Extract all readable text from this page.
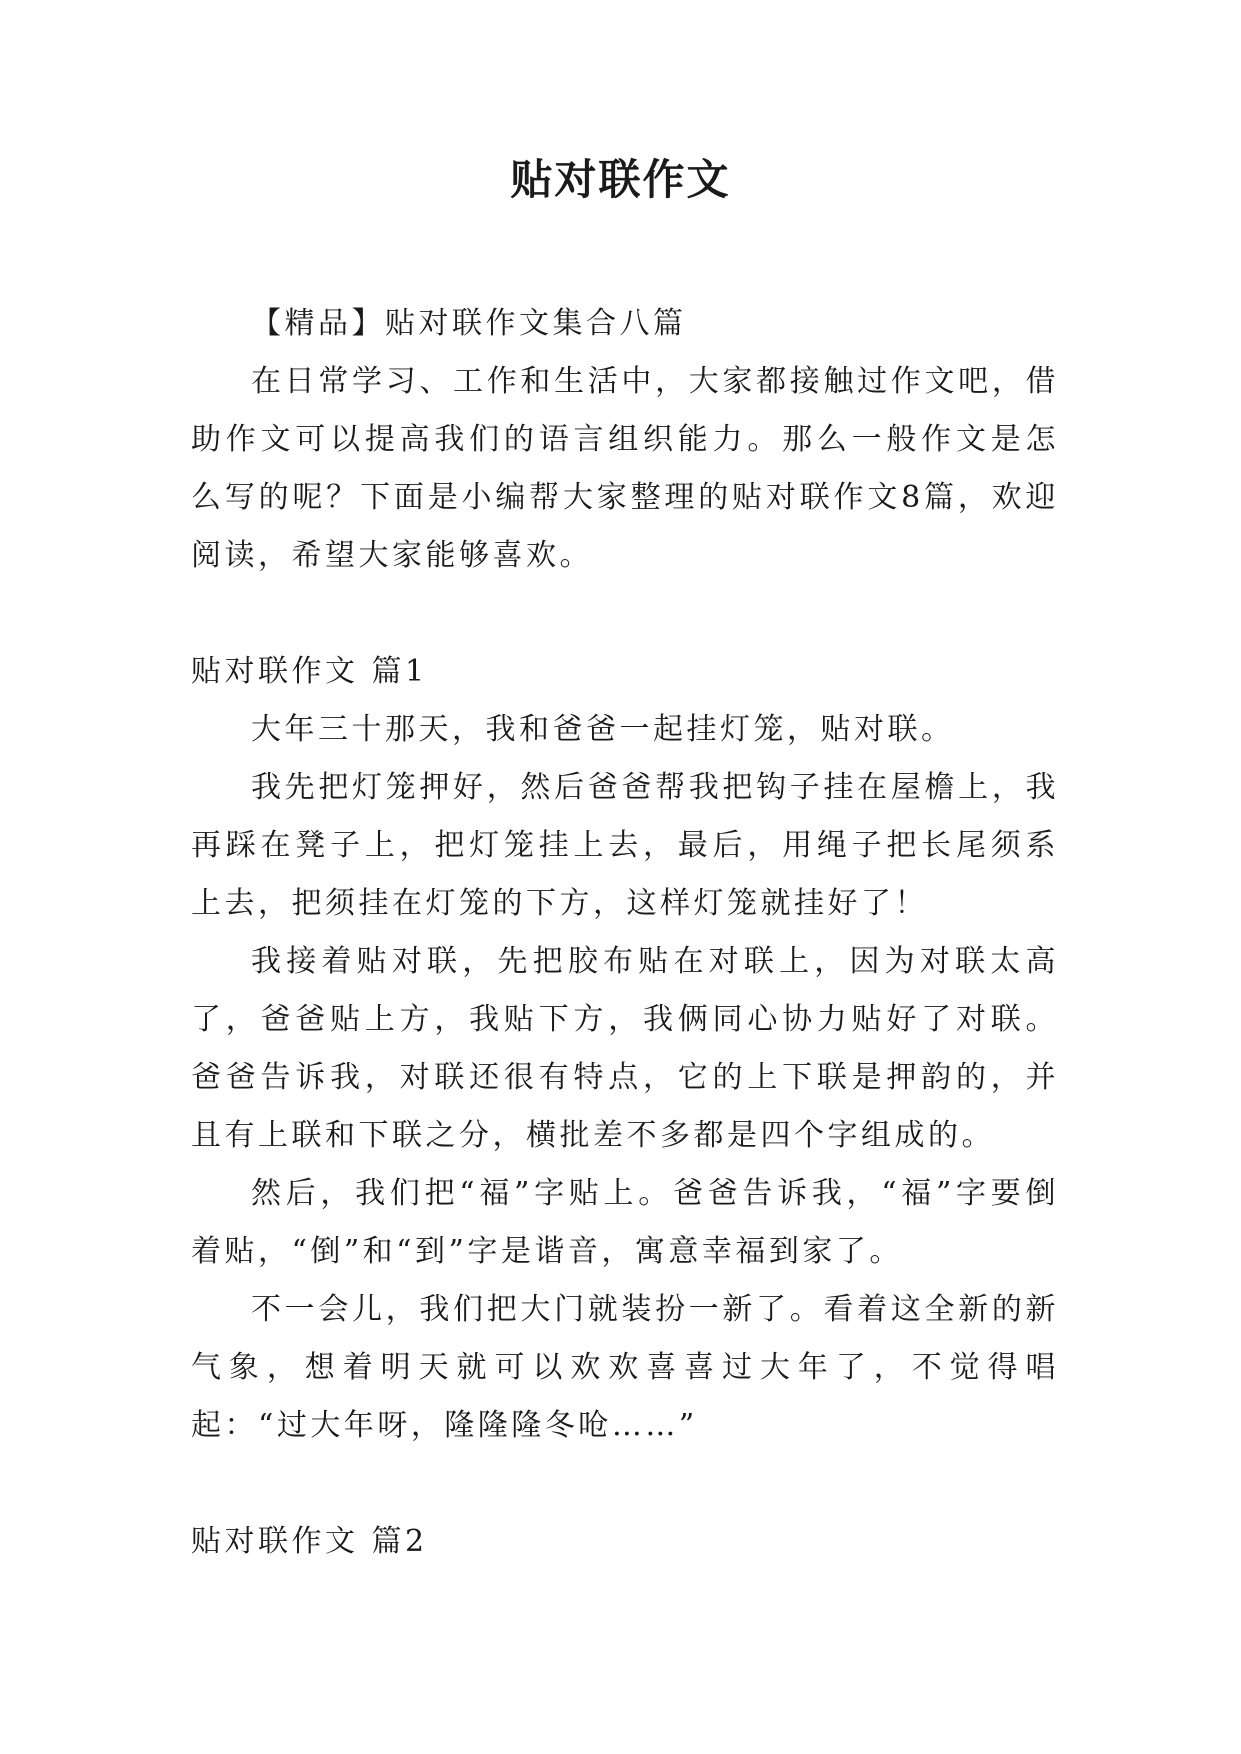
贴对联作文

【精品】贴对联作文集合八篇

在日常学习、工作和生活中，大家都接触过作文吧，借助作文可以提高我们的语言组织能力。那么一般作文是怎么写的呢？下面是小编帮大家整理的贴对联作文8篇，欢迎阅读，希望大家能够喜欢。

贴对联作文 篇1

大年三十那天，我和爸爸一起挂灯笼，贴对联。

我先把灯笼押好，然后爸爸帮我把钩子挂在屋檐上，我再踩在凳子上，把灯笼挂上去，最后，用绳子把长尾须系上去，把须挂在灯笼的下方，这样灯笼就挂好了！

我接着贴对联，先把胶布贴在对联上，因为对联太高了，爸爸贴上方，我贴下方，我俩同心协力贴好了对联。爸爸告诉我，对联还很有特点，它的上下联是押韵的，并且有上联和下联之分，横批差不多都是四个字组成的。

然后，我们把“福”字贴上。爸爸告诉我，“福”字要倒着贴，“倒”和“到”字是谐音，寓意幸福到家了。

不一会儿，我们把大门就装扮一新了。看着这全新的新气象，想着明天就可以欢欢喜喜过大年了，不觉得唱起：“过大年呀，隆隆隆冬呛……”

贴对联作文 篇2
